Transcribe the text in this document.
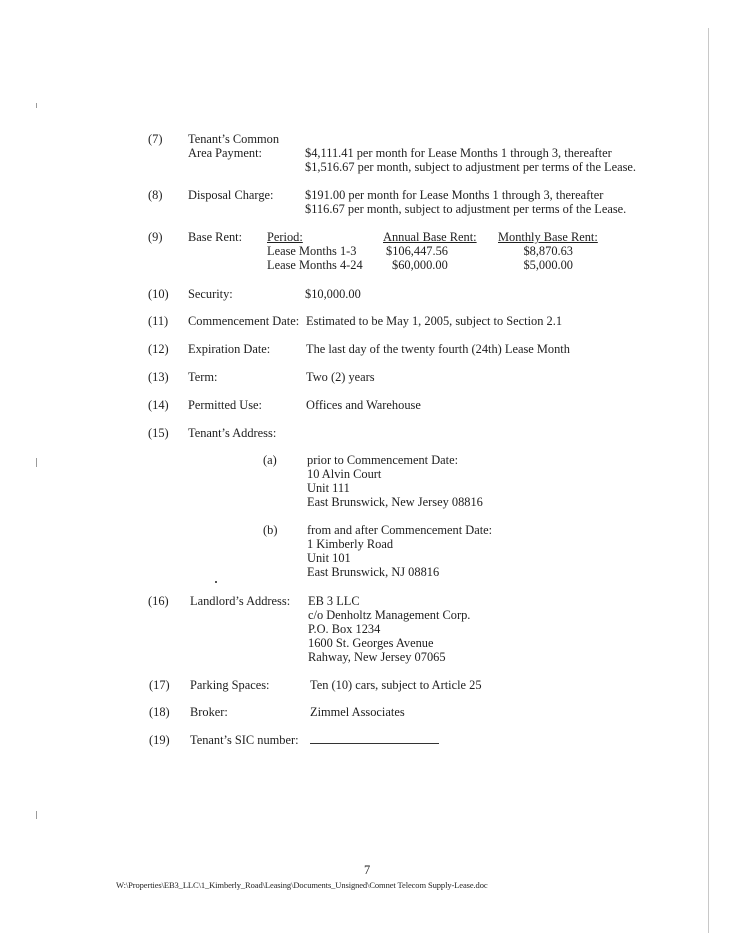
(7) Tenant’s Common
Area Payment:	$4,111.41 per month for Lease Months 1 through 3, thereafter
$1,516.67 per month, subject to adjustment per terms of the Lease.
(8) Disposal Charge:	$191.00 per month for Lease Months 1 through 3, thereafter
$116.67 per month, subject to adjustment per terms of the Lease.
(9) Base Rent: Period:	Annual Base Rent: Monthly Base Rent:
Lease Months 1-3 $106,447.56	$8,870.63
Lease Months 4-24 $60,000.00	$5,000.00
(10) Security:	$10,000.00
(11) Commencement Date: Estimated to be May 1, 2005, subject to Section 2.1
(12) Expiration Date:	The last day of the twenty fourth (24th) Lease Month
(13) Term:	Two (2) years
(14) Permitted Use:	Offices and Warehouse
(15) Tenant’s Address:
(a) prior to Commencement Date:
10 Alvin Court
Unit 111
East Brunswick, New Jersey 08816
(b) from and after Commencement Date:
1 Kimberly Road
Unit 101
East Brunswick, NJ 08816
(16) Landlord’s Address: EB 3 LLC
c/o Denholtz Management Corp.
P.O. Box 1234
1600 St. Georges Avenue
Rahway, New Jersey 07065
(17) Parking Spaces:	Ten (10) cars, subject to Article 25
(18) Broker:	Zimmel Associates
(19) Tenant’s SIC number:
7
W:\Properties\EB3_LLC\1_Kimberly_Road\Leasing\Documents_Unsigned\Comnet Telecom Supply-Lease.doc
